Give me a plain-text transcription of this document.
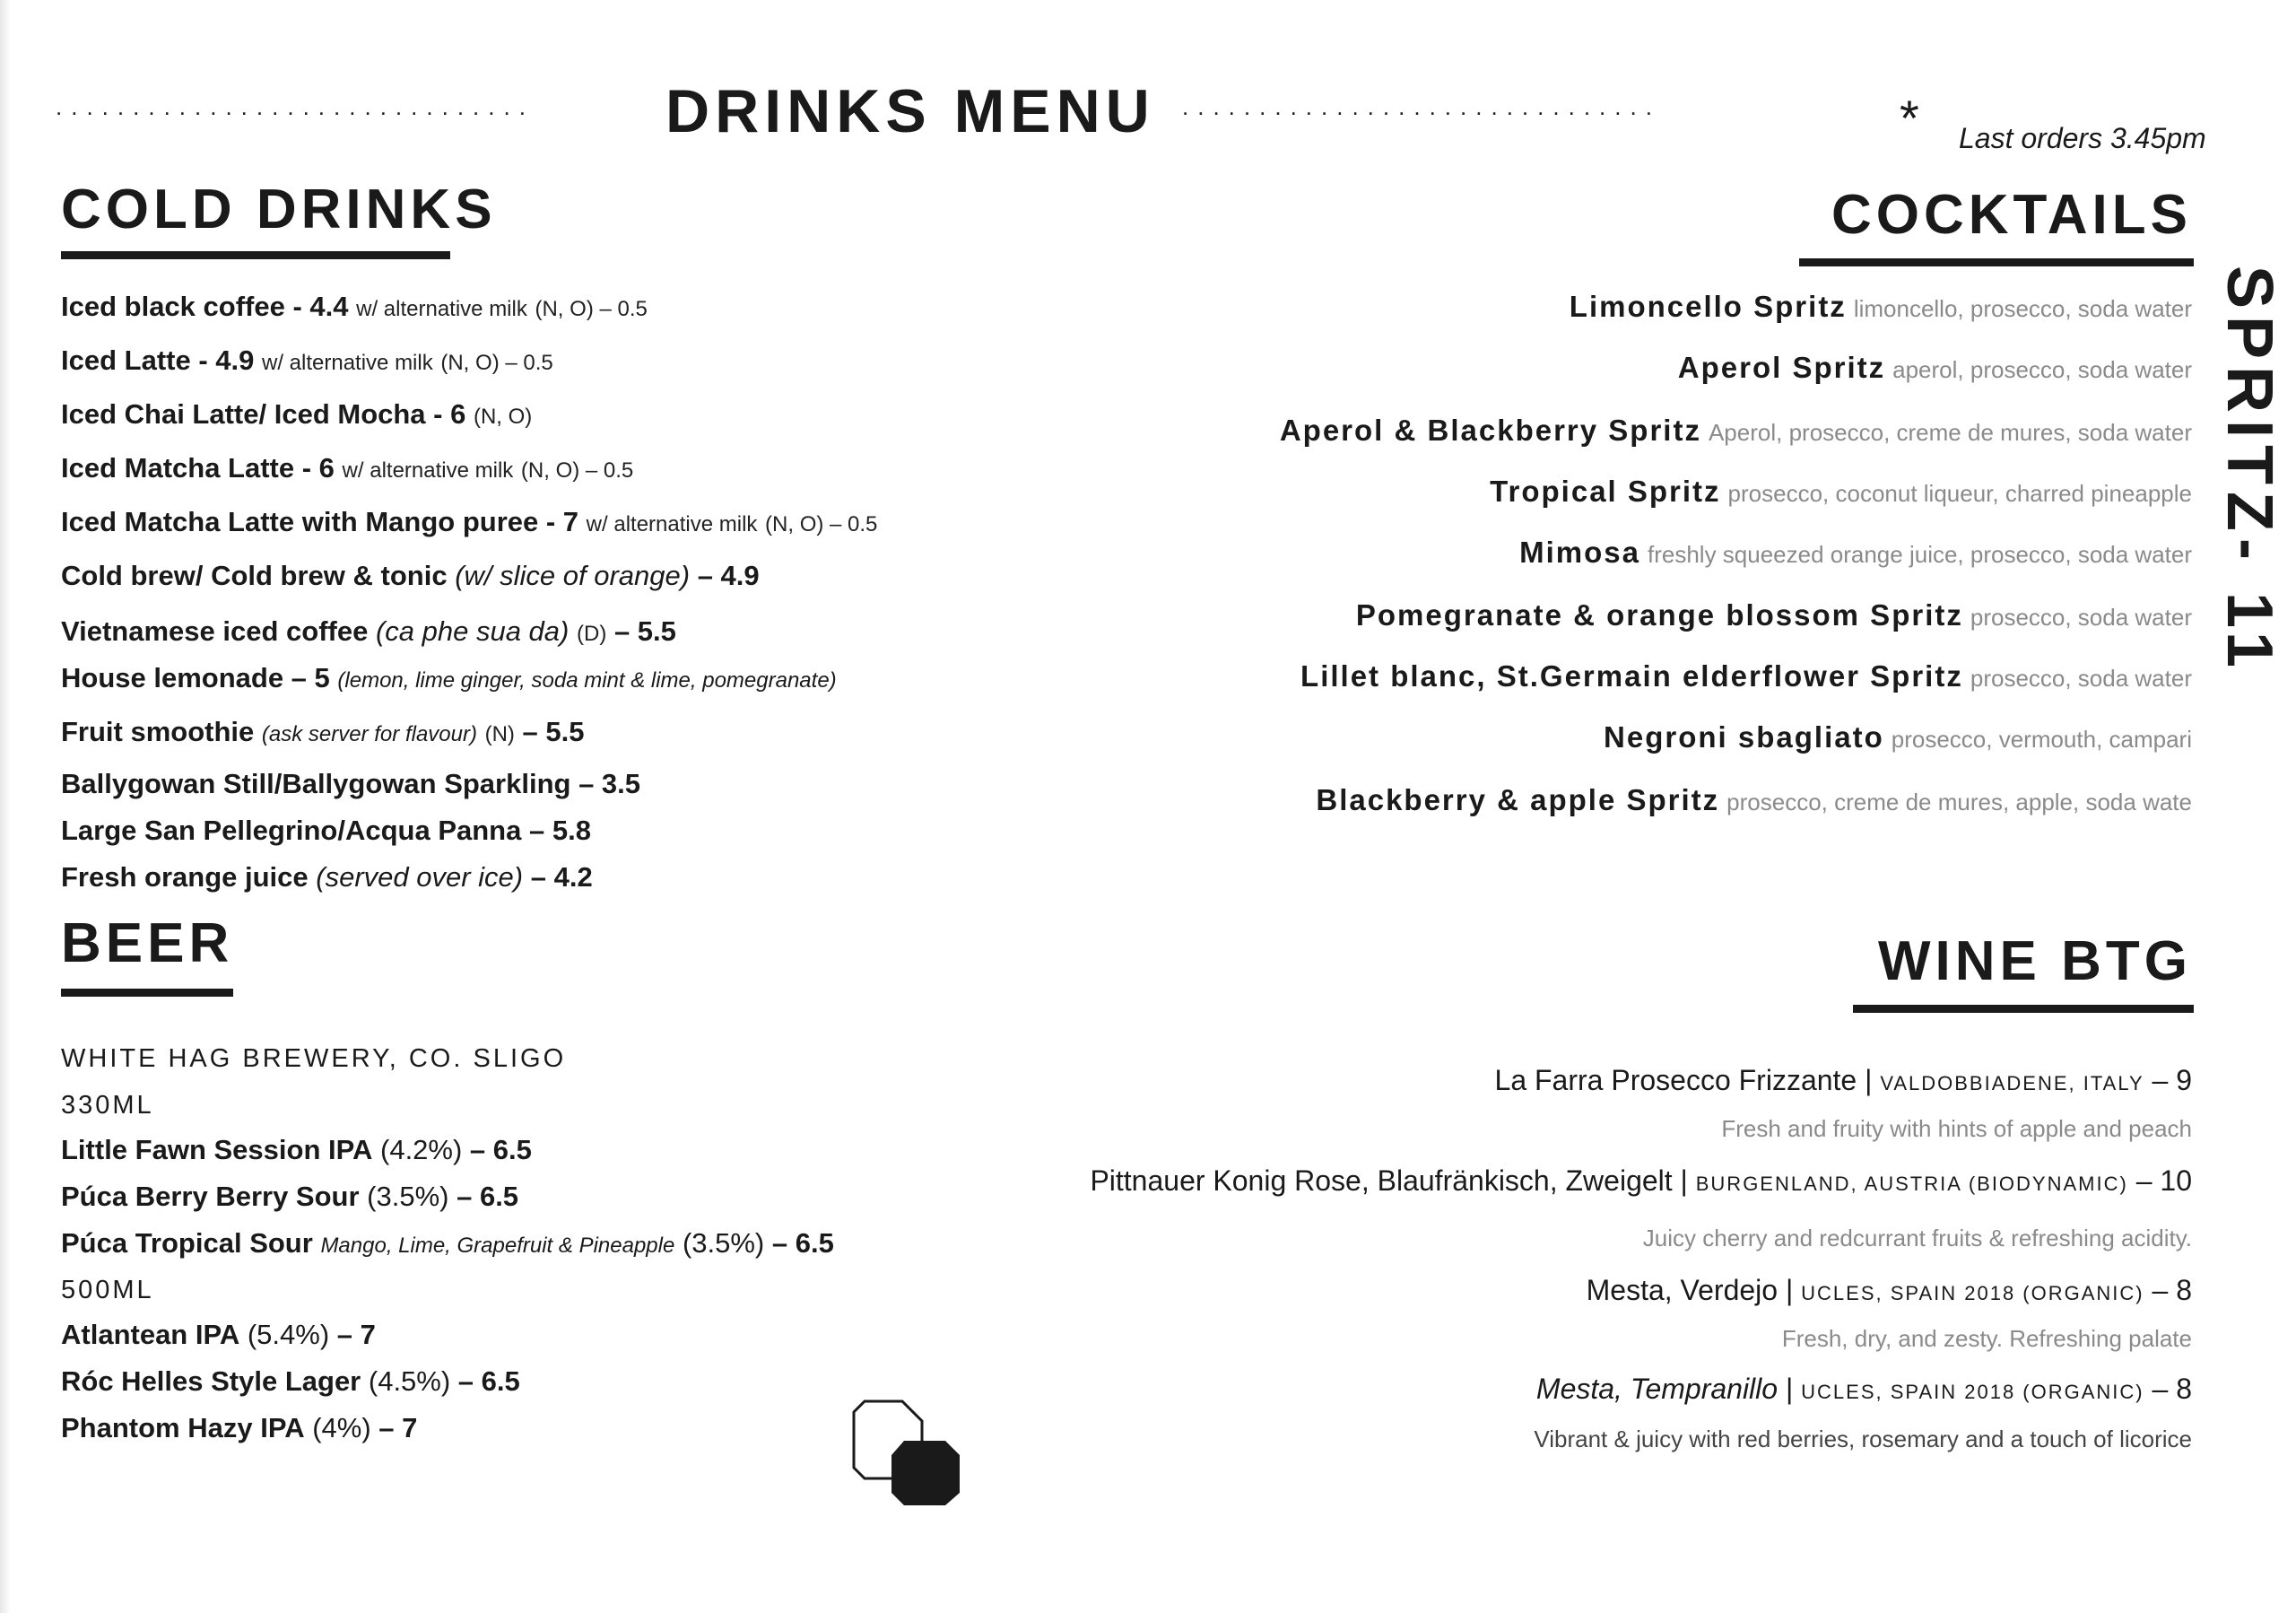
...............................	DRINKS MENU ...............................	* Last orders 3.45pm
SPRITZ- 11
COLD DRINKS
Iced black coffee - 4.4 w/ alternative milk (N, O) – 0.5
Iced Latte - 4.9 w/ alternative milk (N, O) – 0.5
Iced Chai Latte/ Iced Mocha - 6 (N, O)
Iced Matcha Latte - 6 w/ alternative milk (N, O) – 0.5
Iced Matcha Latte with Mango puree - 7 w/ alternative milk (N, O) – 0.5
Cold brew/ Cold brew & tonic (w/ slice of orange) – 4.9
Vietnamese iced coffee (ca phe sua da) (D) – 5.5
House lemonade – 5 (lemon, lime ginger, soda mint & lime, pomegranate)
Fruit smoothie (ask server for flavour) (N) – 5.5
Ballygowan Still/Ballygowan Sparkling – 3.5
Large San Pellegrino/Acqua Panna – 5.8
Fresh orange juice (served over ice) – 4.2
BEER
WHITE HAG BREWERY, CO. SLIGO
330ML
Little Fawn Session IPA (4.2%) – 6.5
Púca Berry Berry Sour (3.5%) – 6.5
Púca Tropical Sour Mango, Lime, Grapefruit & Pineapple (3.5%) – 6.5
500ML
Atlantean IPA (5.4%) – 7
Róc Helles Style Lager (4.5%) – 6.5
Phantom Hazy IPA (4%) – 7
COCKTAILS
Limoncello Spritz limoncello, prosecco, soda water
Aperol Spritz aperol, prosecco, soda water
Aperol & Blackberry Spritz Aperol, prosecco, creme de mures, soda water
Tropical Spritz prosecco, coconut liqueur, charred pineapple
Mimosa freshly squeezed orange juice, prosecco, soda water
Pomegranate & orange blossom Spritz prosecco, soda water
Lillet blanc, St.Germain elderflower Spritz prosecco, soda water
Negroni sbagliato prosecco, vermouth, campari
Blackberry & apple Spritz prosecco, creme de mures, apple, soda wate
WINE BTG
La Farra Prosecco Frizzante | VALDOBBIADENE, ITALY – 9
Fresh and fruity with hints of apple and peach
Pittnauer Konig Rose, Blaufränkisch, Zweigelt | BURGENLAND, AUSTRIA (BIODYNAMIC) – 10
Juicy cherry and redcurrant fruits & refreshing acidity.
Mesta, Verdejo | UCLES, SPAIN 2018 (ORGANIC) – 8
Fresh, dry, and zesty. Refreshing palate
Mesta, Tempranillo | UCLES, SPAIN 2018 (ORGANIC) – 8
Vibrant & juicy with red berries, rosemary and a touch of licorice
